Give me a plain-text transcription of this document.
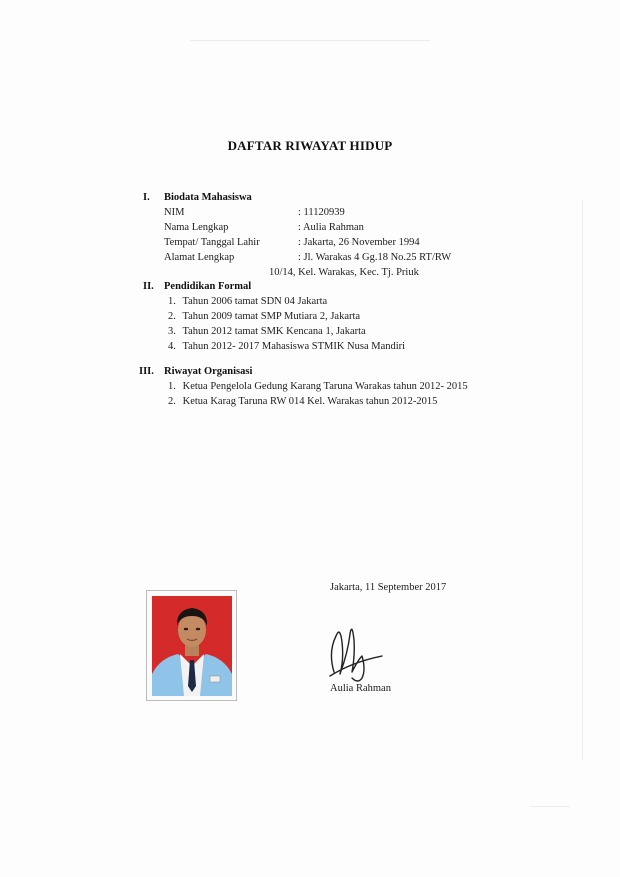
DAFTAR RIWAYAT HIDUP
I. Biodata Mahasiswa
NIM	: 11120939
Nama Lengkap	: Aulia Rahman
Tempat/ Tanggal Lahir	: Jakarta, 26 November 1994
Alamat Lengkap	: Jl. Warakas 4 Gg.18 No.25 RT/RW
10/14, Kel. Warakas, Kec. Tj. Priuk
II. Pendidikan Formal
1. Tahun 2006 tamat SDN 04 Jakarta
2. Tahun 2009 tamat SMP Mutiara 2, Jakarta
3. Tahun 2012 tamat SMK Kencana 1, Jakarta
4. Tahun 2012- 2017 Mahasiswa STMIK Nusa Mandiri
III. Riwayat Organisasi
1. Ketua Pengelola Gedung Karang Taruna Warakas tahun 2012- 2015
2. Ketua Karag Taruna RW 014 Kel. Warakas tahun 2012-2015
Jakarta, 11 September 2017
Aulia Rahman
